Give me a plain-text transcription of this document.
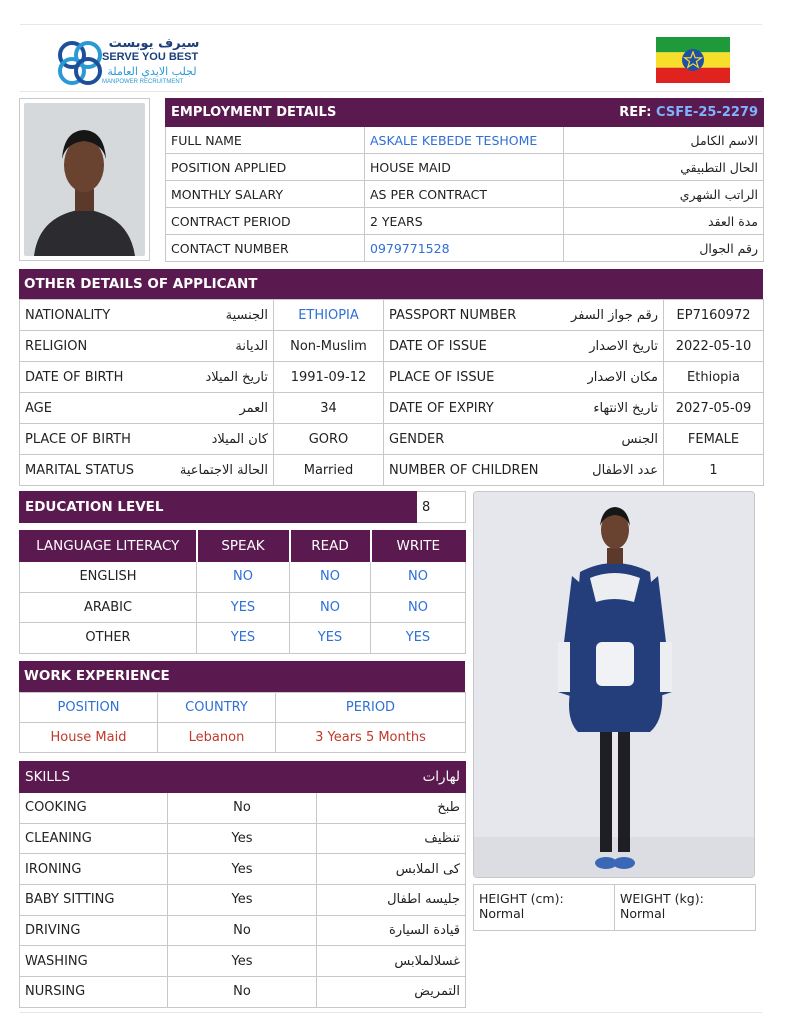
سيرف يوبست
SERVE YOU BEST
لجلب الايدي العاملة
MANPOWER RECRUITMENT
EMPLOYMENT DETAILS	REF: CSFE-25-2279	
FULL NAME	ASKALE KEBEDE TESHOME	الاسم الكامل
POSITION APPLIED	HOUSE MAID	الحال التطبيقي
MONTHLY SALARY	AS PER CONTRACT	الراتب الشهري
CONTRACT PERIOD	2 YEARS	مدة العقد
CONTACT NUMBER	0979771528	رقم الجوال
OTHER DETAILS OF APPLICANT
NATIONALITY الجنسية	ETHIOPIA	PASSPORT NUMBER رقم جواز السفر	EP7160972
RELIGION الديانة	Non-Muslim	DATE OF ISSUE تاريخ الاصدار	2022-05-10
DATE OF BIRTH تاريخ الميلاد	1991-09-12	PLACE OF ISSUE مكان الاصدار	Ethiopia
AGE العمر	34	DATE OF EXPIRY تاريخ الانتهاء	2027-05-09
PLACE OF BIRTH كان الميلاد	GORO	GENDER الجنس	FEMALE
MARITAL STATUS الحالة الاجتماعية	Married	NUMBER OF CHILDREN عدد الاطفال	1
EDUCATION LEVEL	8
LANGUAGE LITERACY	SPEAK	READ	WRITE
ENGLISH	NO	NO	NO
ARABIC	YES	NO	NO
OTHER	YES	YES	YES
WORK EXPERIENCE
POSITION	COUNTRY	PERIOD
House Maid	Lebanon	3 Years 5 Months
SKILLS		لهارات
COOKING	No	طبخ
CLEANING	Yes	تنظيف
IRONING	Yes	کی الملابس
BABY SITTING	Yes	جليسه اطفال
DRIVING	No	قيادة السيارة
WASHING	Yes	غسلالملابس
NURSING	No	التمريض
HEIGHT (cm):
Normal

WEIGHT (kg):
Normal
